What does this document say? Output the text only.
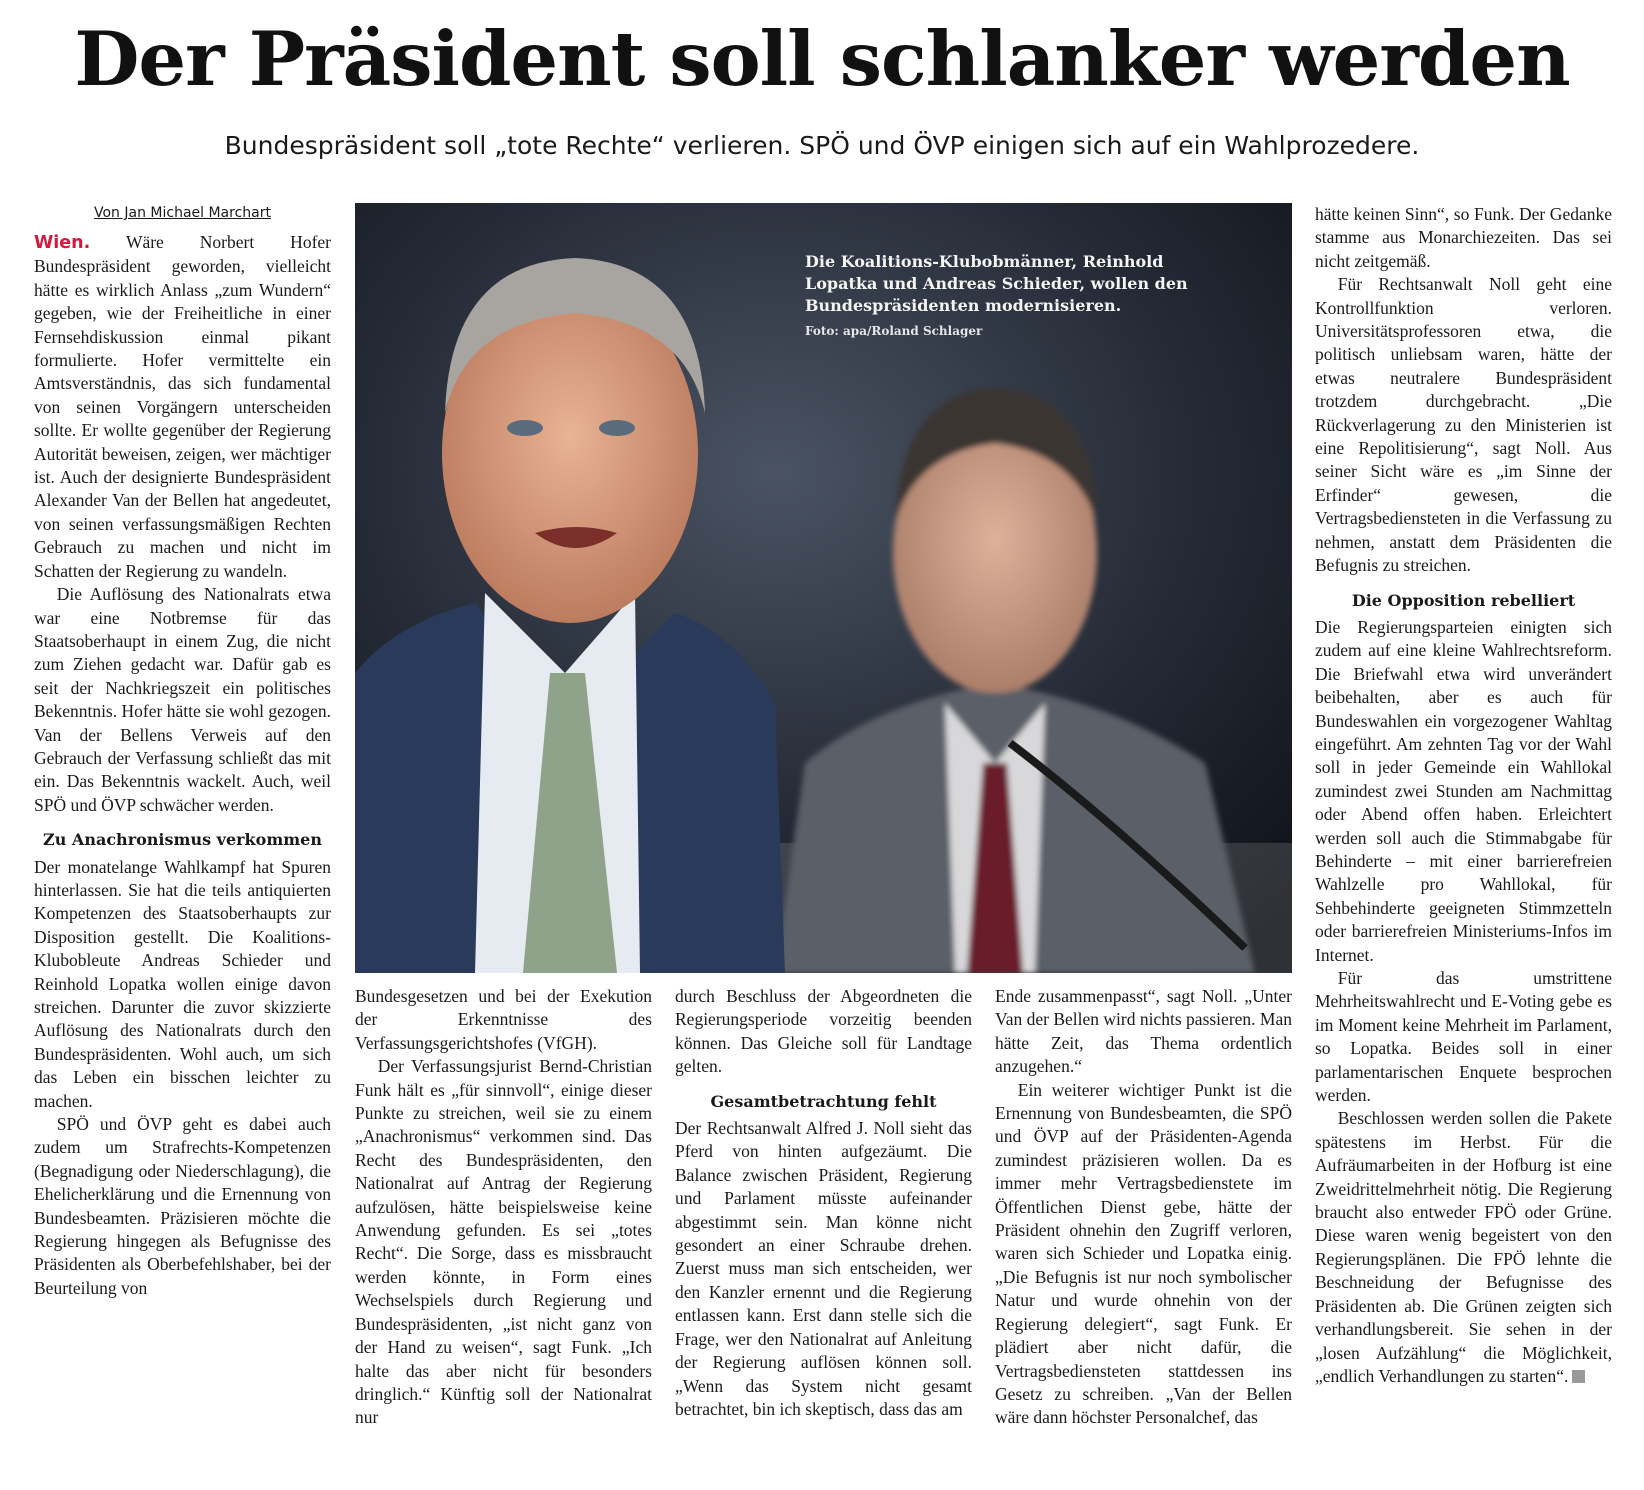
Der Präsident soll schlanker werden
Bundespräsident soll „tote Rechte“ verlieren. SPÖ und ÖVP einigen sich auf ein Wahlprozedere.
Von Jan Michael Marchart

Wien. Wäre Norbert Hofer Bundespräsident geworden, vielleicht hätte es wirklich Anlass „zum Wundern“ gegeben, wie der Freiheitliche in einer Fernsehdiskussion einmal pikant formulierte. Hofer vermittelte ein Amtsverständnis, das sich fundamental von seinen Vorgängern unterscheiden sollte. Er wollte gegenüber der Regierung Autorität beweisen, zeigen, wer mächtiger ist. Auch der designierte Bundespräsident Alexander Van der Bellen hat angedeutet, von seinen verfassungsmäßigen Rechten Gebrauch zu machen und nicht im Schatten der Regierung zu wandeln.

Die Auflösung des Nationalrats etwa war eine Notbremse für das Staatsoberhaupt in einem Zug, die nicht zum Ziehen gedacht war. Dafür gab es seit der Nachkriegszeit ein politisches Bekenntnis. Hofer hätte sie wohl gezogen. Van der Bellens Verweis auf den Gebrauch der Verfassung schließt das mit ein. Das Bekenntnis wackelt. Auch, weil SPÖ und ÖVP schwächer werden.

Zu Anachronismus verkommen

Der monatelange Wahlkampf hat Spuren hinterlassen. Sie hat die teils antiquierten Kompetenzen des Staatsoberhaupts zur Disposition gestellt. Die Koalitions-Klubobleute Andreas Schieder und Reinhold Lopatka wollen einige davon streichen. Darunter die zuvor skizzierte Auflösung des Nationalrats durch den Bundespräsidenten. Wohl auch, um sich das Leben ein bisschen leichter zu machen.

SPÖ und ÖVP geht es dabei auch zudem um Strafrechts-Kompetenzen (Begnadigung oder Niederschlagung), die Ehelicherklärung und die Ernennung von Bundesbeamten. Präzisieren möchte die Regierung hingegen als Befugnisse des Präsidenten als Oberbefehlshaber, bei der Beurteilung von

Die Koalitions-Klubobmänner, Reinhold Lopatka und Andreas Schieder, wollen den Bundespräsidenten modernisieren.
Foto: apa/Roland Schlager

Bundesgesetzen und bei der Exekution der Erkenntnisse des Verfassungsgerichtshofes (VfGH).

Der Verfassungsjurist Bernd-Christian Funk hält es „für sinnvoll“, einige dieser Punkte zu streichen, weil sie zu einem „Anachronismus“ verkommen sind. Das Recht des Bundespräsidenten, den Nationalrat auf Antrag der Regierung aufzulösen, hätte beispielsweise keine Anwendung gefunden. Es sei „totes Recht“. Die Sorge, dass es missbraucht werden könnte, in Form eines Wechselspiels durch Regierung und Bundespräsidenten, „ist nicht ganz von der Hand zu weisen“, sagt Funk. „Ich halte das aber nicht für besonders dringlich.“ Künftig soll der Nationalrat nur

durch Beschluss der Abgeordneten die Regierungsperiode vorzeitig beenden können. Das Gleiche soll für Landtage gelten.

Gesamtbetrachtung fehlt

Der Rechtsanwalt Alfred J. Noll sieht das Pferd von hinten aufgezäumt. Die Balance zwischen Präsident, Regierung und Parlament müsste aufeinander abgestimmt sein. Man könne nicht gesondert an einer Schraube drehen. Zuerst muss man sich entscheiden, wer den Kanzler ernennt und die Regierung entlassen kann. Erst dann stelle sich die Frage, wer den Nationalrat auf Anleitung der Regierung auflösen können soll. „Wenn das System nicht gesamt betrachtet, bin ich skeptisch, dass das am

Ende zusammenpasst“, sagt Noll. „Unter Van der Bellen wird nichts passieren. Man hätte Zeit, das Thema ordentlich anzugehen.“

Ein weiterer wichtiger Punkt ist die Ernennung von Bundesbeamten, die SPÖ und ÖVP auf der Präsidenten-Agenda zumindest präzisieren wollen. Da es immer mehr Vertragsbedienstete im Öffentlichen Dienst gebe, hätte der Präsident ohnehin den Zugriff verloren, waren sich Schieder und Lopatka einig. „Die Befugnis ist nur noch symbolischer Natur und wurde ohnehin von der Regierung delegiert“, sagt Funk. Er plädiert aber nicht dafür, die Vertragsbediensteten stattdessen ins Gesetz zu schreiben. „Van der Bellen wäre dann höchster Personalchef, das

hätte keinen Sinn“, so Funk. Der Gedanke stamme aus Monarchiezeiten. Das sei nicht zeitgemäß.

Für Rechtsanwalt Noll geht eine Kontrollfunktion verloren. Universitätsprofessoren etwa, die politisch unliebsam waren, hätte der etwas neutralere Bundespräsident trotzdem durchgebracht. „Die Rückverlagerung zu den Ministerien ist eine Repolitisierung“, sagt Noll. Aus seiner Sicht wäre es „im Sinne der Erfinder“ gewesen, die Vertragsbediensteten in die Verfassung zu nehmen, anstatt dem Präsidenten die Befugnis zu streichen.

Die Opposition rebelliert

Die Regierungsparteien einigten sich zudem auf eine kleine Wahlrechtsreform. Die Briefwahl etwa wird unverändert beibehalten, aber es auch für Bundeswahlen ein vorgezogener Wahltag eingeführt. Am zehnten Tag vor der Wahl soll in jeder Gemeinde ein Wahllokal zumindest zwei Stunden am Nachmittag oder Abend offen haben. Erleichtert werden soll auch die Stimmabgabe für Behinderte – mit einer barrierefreien Wahlzelle pro Wahllokal, für Sehbehinderte geeigneten Stimmzetteln oder barrierefreien Ministeriums-Infos im Internet.

Für das umstrittene Mehrheitswahlrecht und E-Voting gebe es im Moment keine Mehrheit im Parlament, so Lopatka. Beides soll in einer parlamentarischen Enquete besprochen werden.

Beschlossen werden sollen die Pakete spätestens im Herbst. Für die Aufräumarbeiten in der Hofburg ist eine Zweidrittelmehrheit nötig. Die Regierung braucht also entweder FPÖ oder Grüne. Diese waren wenig begeistert von den Regierungsplänen. Die FPÖ lehnte die Beschneidung der Befugnisse des Präsidenten ab. Die Grünen zeigten sich verhandlungsbereit. Sie sehen in der „losen Aufzählung“ die Möglichkeit, „endlich Verhandlungen zu starten“.
